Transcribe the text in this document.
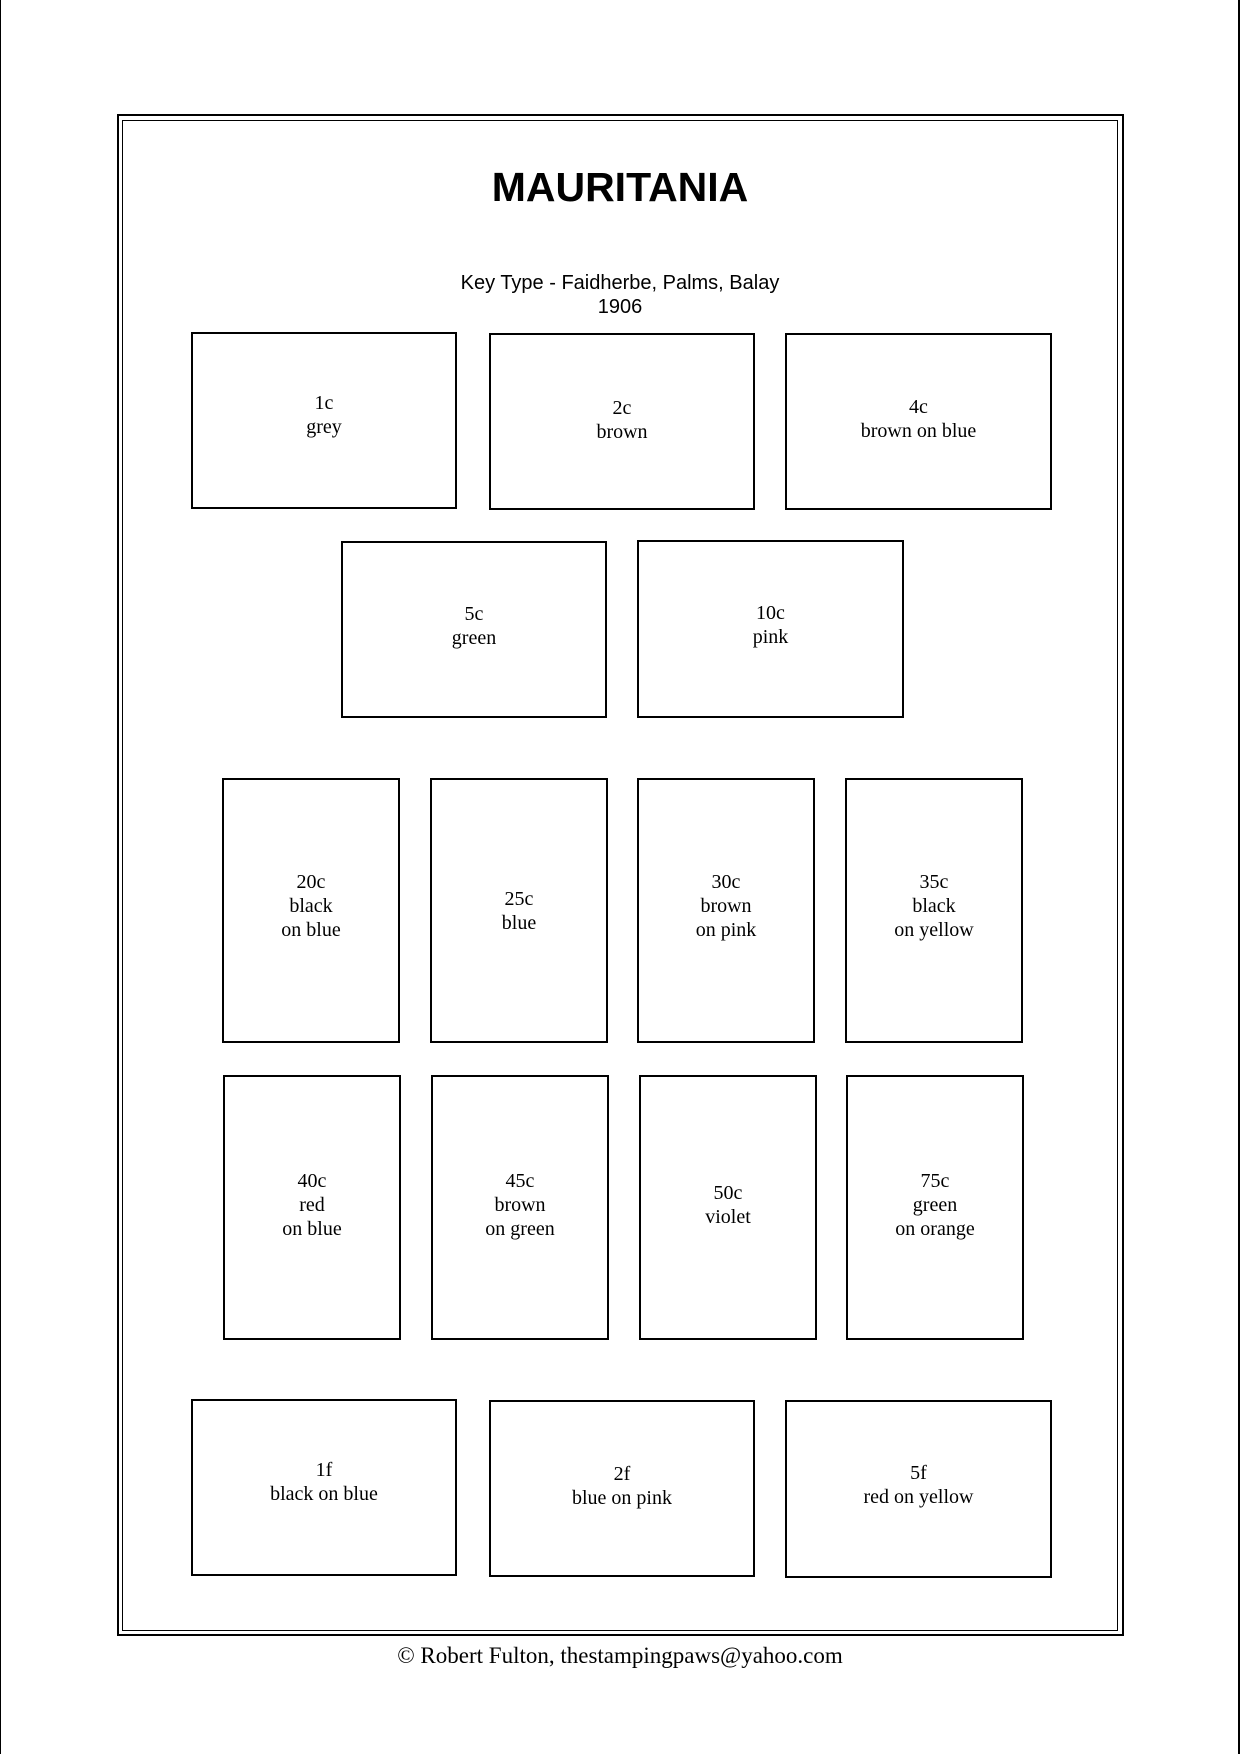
MAURITANIA
Key Type - Faidherbe, Palms, Balay
1906
1c
grey
2c
brown
4c
brown on blue
5c
green
10c
pink
20c
black
on blue
25c
blue
30c
brown
on pink
35c
black
on yellow
40c
red
on blue
45c
brown
on green
50c
violet
75c
green
on orange
1f
black on blue
2f
blue on pink
5f
red on yellow
© Robert Fulton, thestampingpaws@yahoo.com
